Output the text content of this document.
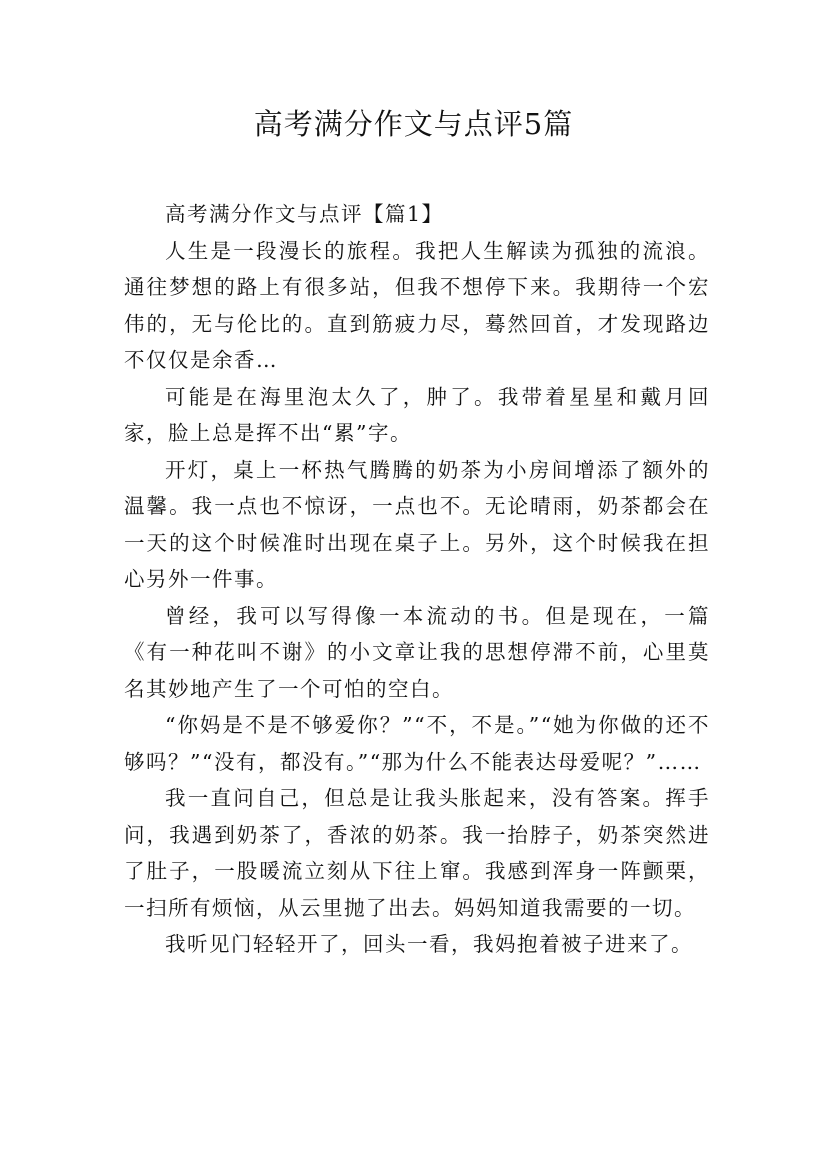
高考满分作文与点评5篇

高考满分作文与点评【篇1】

人生是一段漫长的旅程。我把人生解读为孤独的流浪。通往梦想的路上有很多站，但我不想停下来。我期待一个宏伟的，无与伦比的。直到筋疲力尽，蓦然回首，才发现路边不仅仅是余香…

可能是在海里泡太久了，肿了。我带着星星和戴月回家，脸上总是挥不出“累”字。

开灯，桌上一杯热气腾腾的奶茶为小房间增添了额外的温馨。我一点也不惊讶，一点也不。无论晴雨，奶茶都会在一天的这个时候准时出现在桌子上。另外，这个时候我在担心另外一件事。

曾经，我可以写得像一本流动的书。但是现在，一篇《有一种花叫不谢》的小文章让我的思想停滞不前，心里莫名其妙地产生了一个可怕的空白。

“你妈是不是不够爱你？”“不，不是。”“她为你做的还不够吗？”“没有，都没有。”“那为什么不能表达母爱呢？”……

我一直问自己，但总是让我头胀起来，没有答案。挥手问，我遇到奶茶了，香浓的奶茶。我一抬脖子，奶茶突然进了肚子，一股暖流立刻从下往上窜。我感到浑身一阵颤栗，一扫所有烦恼，从云里抛了出去。妈妈知道我需要的一切。

我听见门轻轻开了，回头一看，我妈抱着被子进来了。
